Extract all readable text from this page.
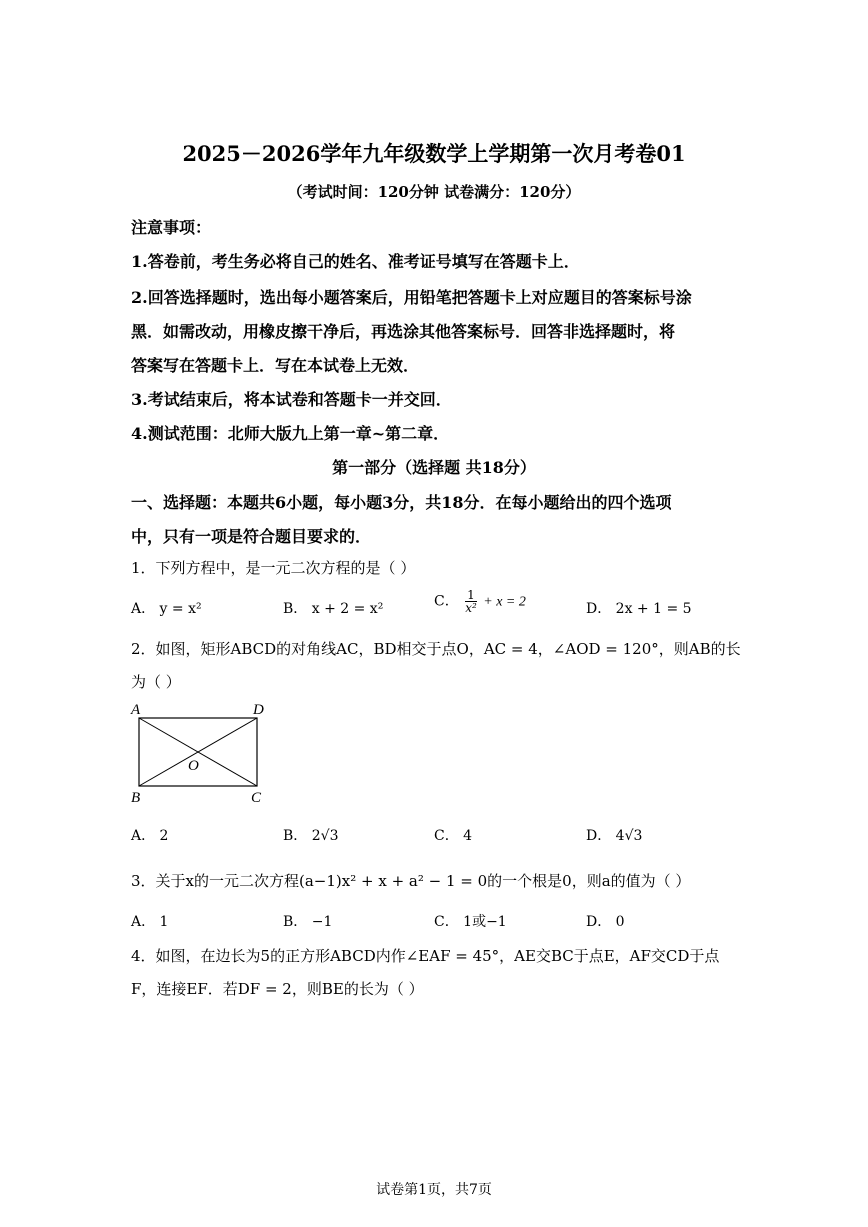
2025－2026学年九年级数学上学期第一次月考卷01
（考试时间：120分钟 试卷满分：120分）
注意事项：
1.答卷前，考生务必将自己的姓名、准考证号填写在答题卡上．
2.回答选择题时，选出每小题答案后，用铅笔把答题卡上对应题目的答案标号涂
黑．如需改动，用橡皮擦干净后，再选涂其他答案标号．回答非选择题时，将
答案写在答题卡上．写在本试卷上无效．
3.考试结束后，将本试卷和答题卡一并交回．
4.测试范围：北师大版九上第一章~第二章．
第一部分（选择题 共18分）
一、选择题：本题共6小题，每小题3分，共18分．在每小题给出的四个选项
中，只有一项是符合题目要求的．
1．下列方程中，是一元二次方程的是（ ）
A． y = x²	B． x + 2 = x²	C． $\frac{1}{\text{x²}} + x = 2$	D． 2x + 1 = 5
2．如图，矩形ABCD的对角线AC，BD相交于点O，AC = 4，∠AOD = 120°，则AB的长
为（ ）
A	D
O
B	C
A． 2	B． 2√3	C． 4	D． 4√3
3．关于x的一元二次方程(a−1)x² + x + a² − 1 = 0的一个根是0，则a的值为（ ）
A． 1	B． −1	C． 1或−1	D． 0
4．如图，在边长为5的正方形ABCD内作∠EAF = 45°，AE交BC于点E，AF交CD于点
F，连接EF．若DF = 2，则BE的长为（ ）
试卷第1页，共7页
